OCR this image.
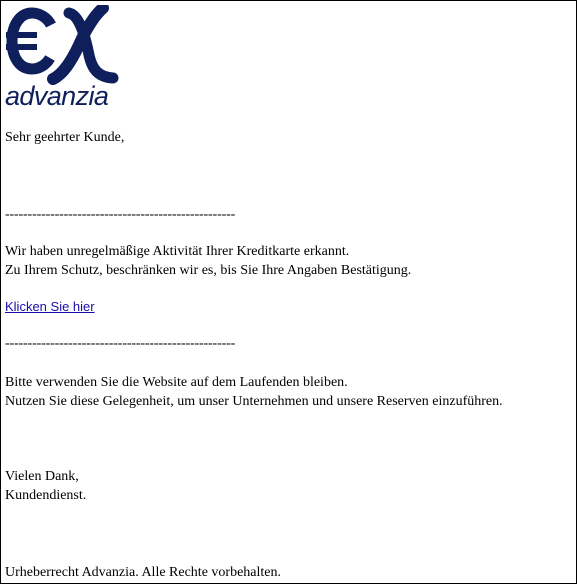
advanzia
Sehr geehrter Kunde,
---------------------------------------------------
Wir haben unregelmäßige Aktivität Ihrer Kreditkarte erkannt.
Zu Ihrem Schutz, beschränken wir es, bis Sie Ihre Angaben Bestätigung.
Klicken Sie hier
---------------------------------------------------
Bitte verwenden Sie die Website auf dem Laufenden bleiben.
Nutzen Sie diese Gelegenheit, um unser Unternehmen und unsere Reserven einzuführen.
Vielen Dank,
Kundendienst.
Urheberrecht Advanzia. Alle Rechte vorbehalten.
